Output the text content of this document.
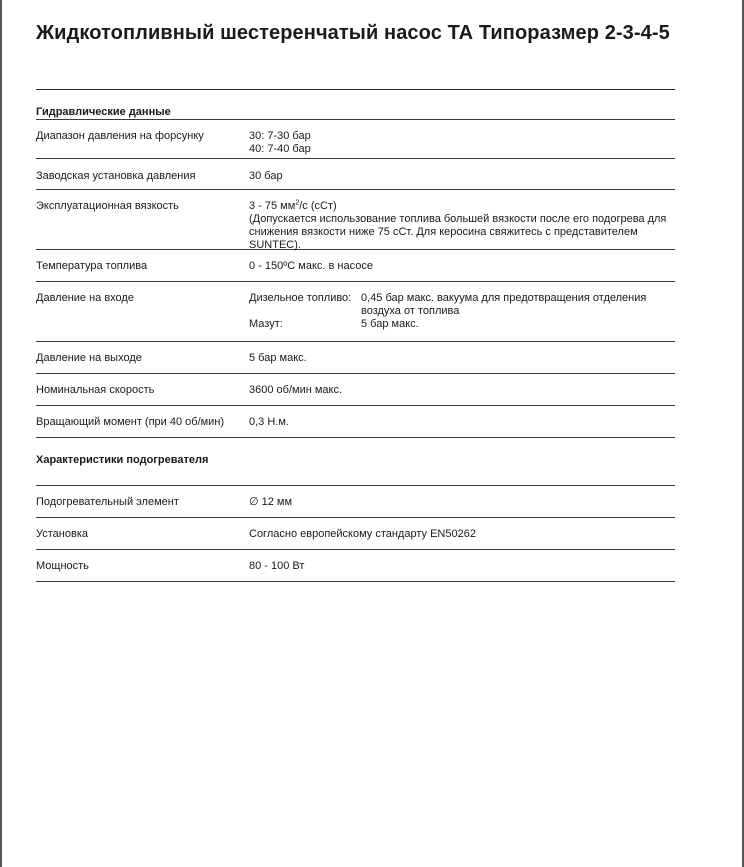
Жидкотопливный шестеренчатый насос ТА Типоразмер 2-3-4-5
Гидравлические данные
Диапазон давления на форсунку	30: 7-30 бар
40: 7-40 бар
Заводская установка давления	30 бар
Эксплуатационная вязкость	3 - 75 $мм^2/с$ (сСт)
(Допускается использование топлива большей вязкости после его подогрева для
снижения вязкости ниже 75 сСт. Для керосина свяжитесь с представителем SUNTEC).
Температура топлива	0 - 150ºC макс. в насосе
Давление на входе	Дизельное топливо: 0,45 бар макс. вакуума для предотвращения отделения
воздуха от топлива
Мазут:	5 бар макс.
Давление на выходе	5 бар макс.
Номинальная скорость	3600 об/мин макс.
Вращающий момент (при 40 об/мин)	0,3 Н.м.
Характеристики подогревателя
Подогревательный элемент	∅ 12 мм
Установка	Согласно европейскому стандарту EN50262
Мощность	80 - 100 Вт
